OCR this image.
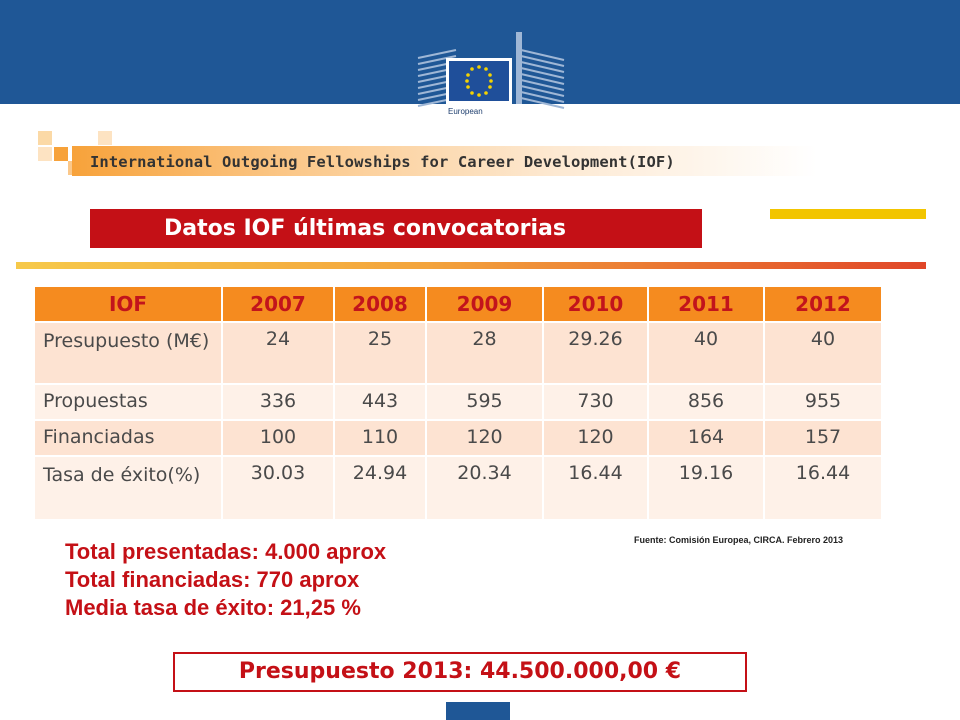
European
International Outgoing Fellowships for Career Development(IOF)
Datos IOF últimas convocatorias
IOF	2007	2008	2009	2010	2011	2012
Presupuesto (M€)	24	25	28	29.26	40	40
Propuestas	336	443	595	730	856	955
Financiadas	100	110	120	120	164	157
Tasa de éxito(%)	30.03	24.94	20.34	16.44	19.16	16.44
Fuente: Comisión Europea, CIRCA. Febrero 2013
Total presentadas: 4.000 aprox
Total financiadas: 770 aprox
Media tasa de éxito: 21,25 %
Presupuesto 2013: 44.500.000,00 €
